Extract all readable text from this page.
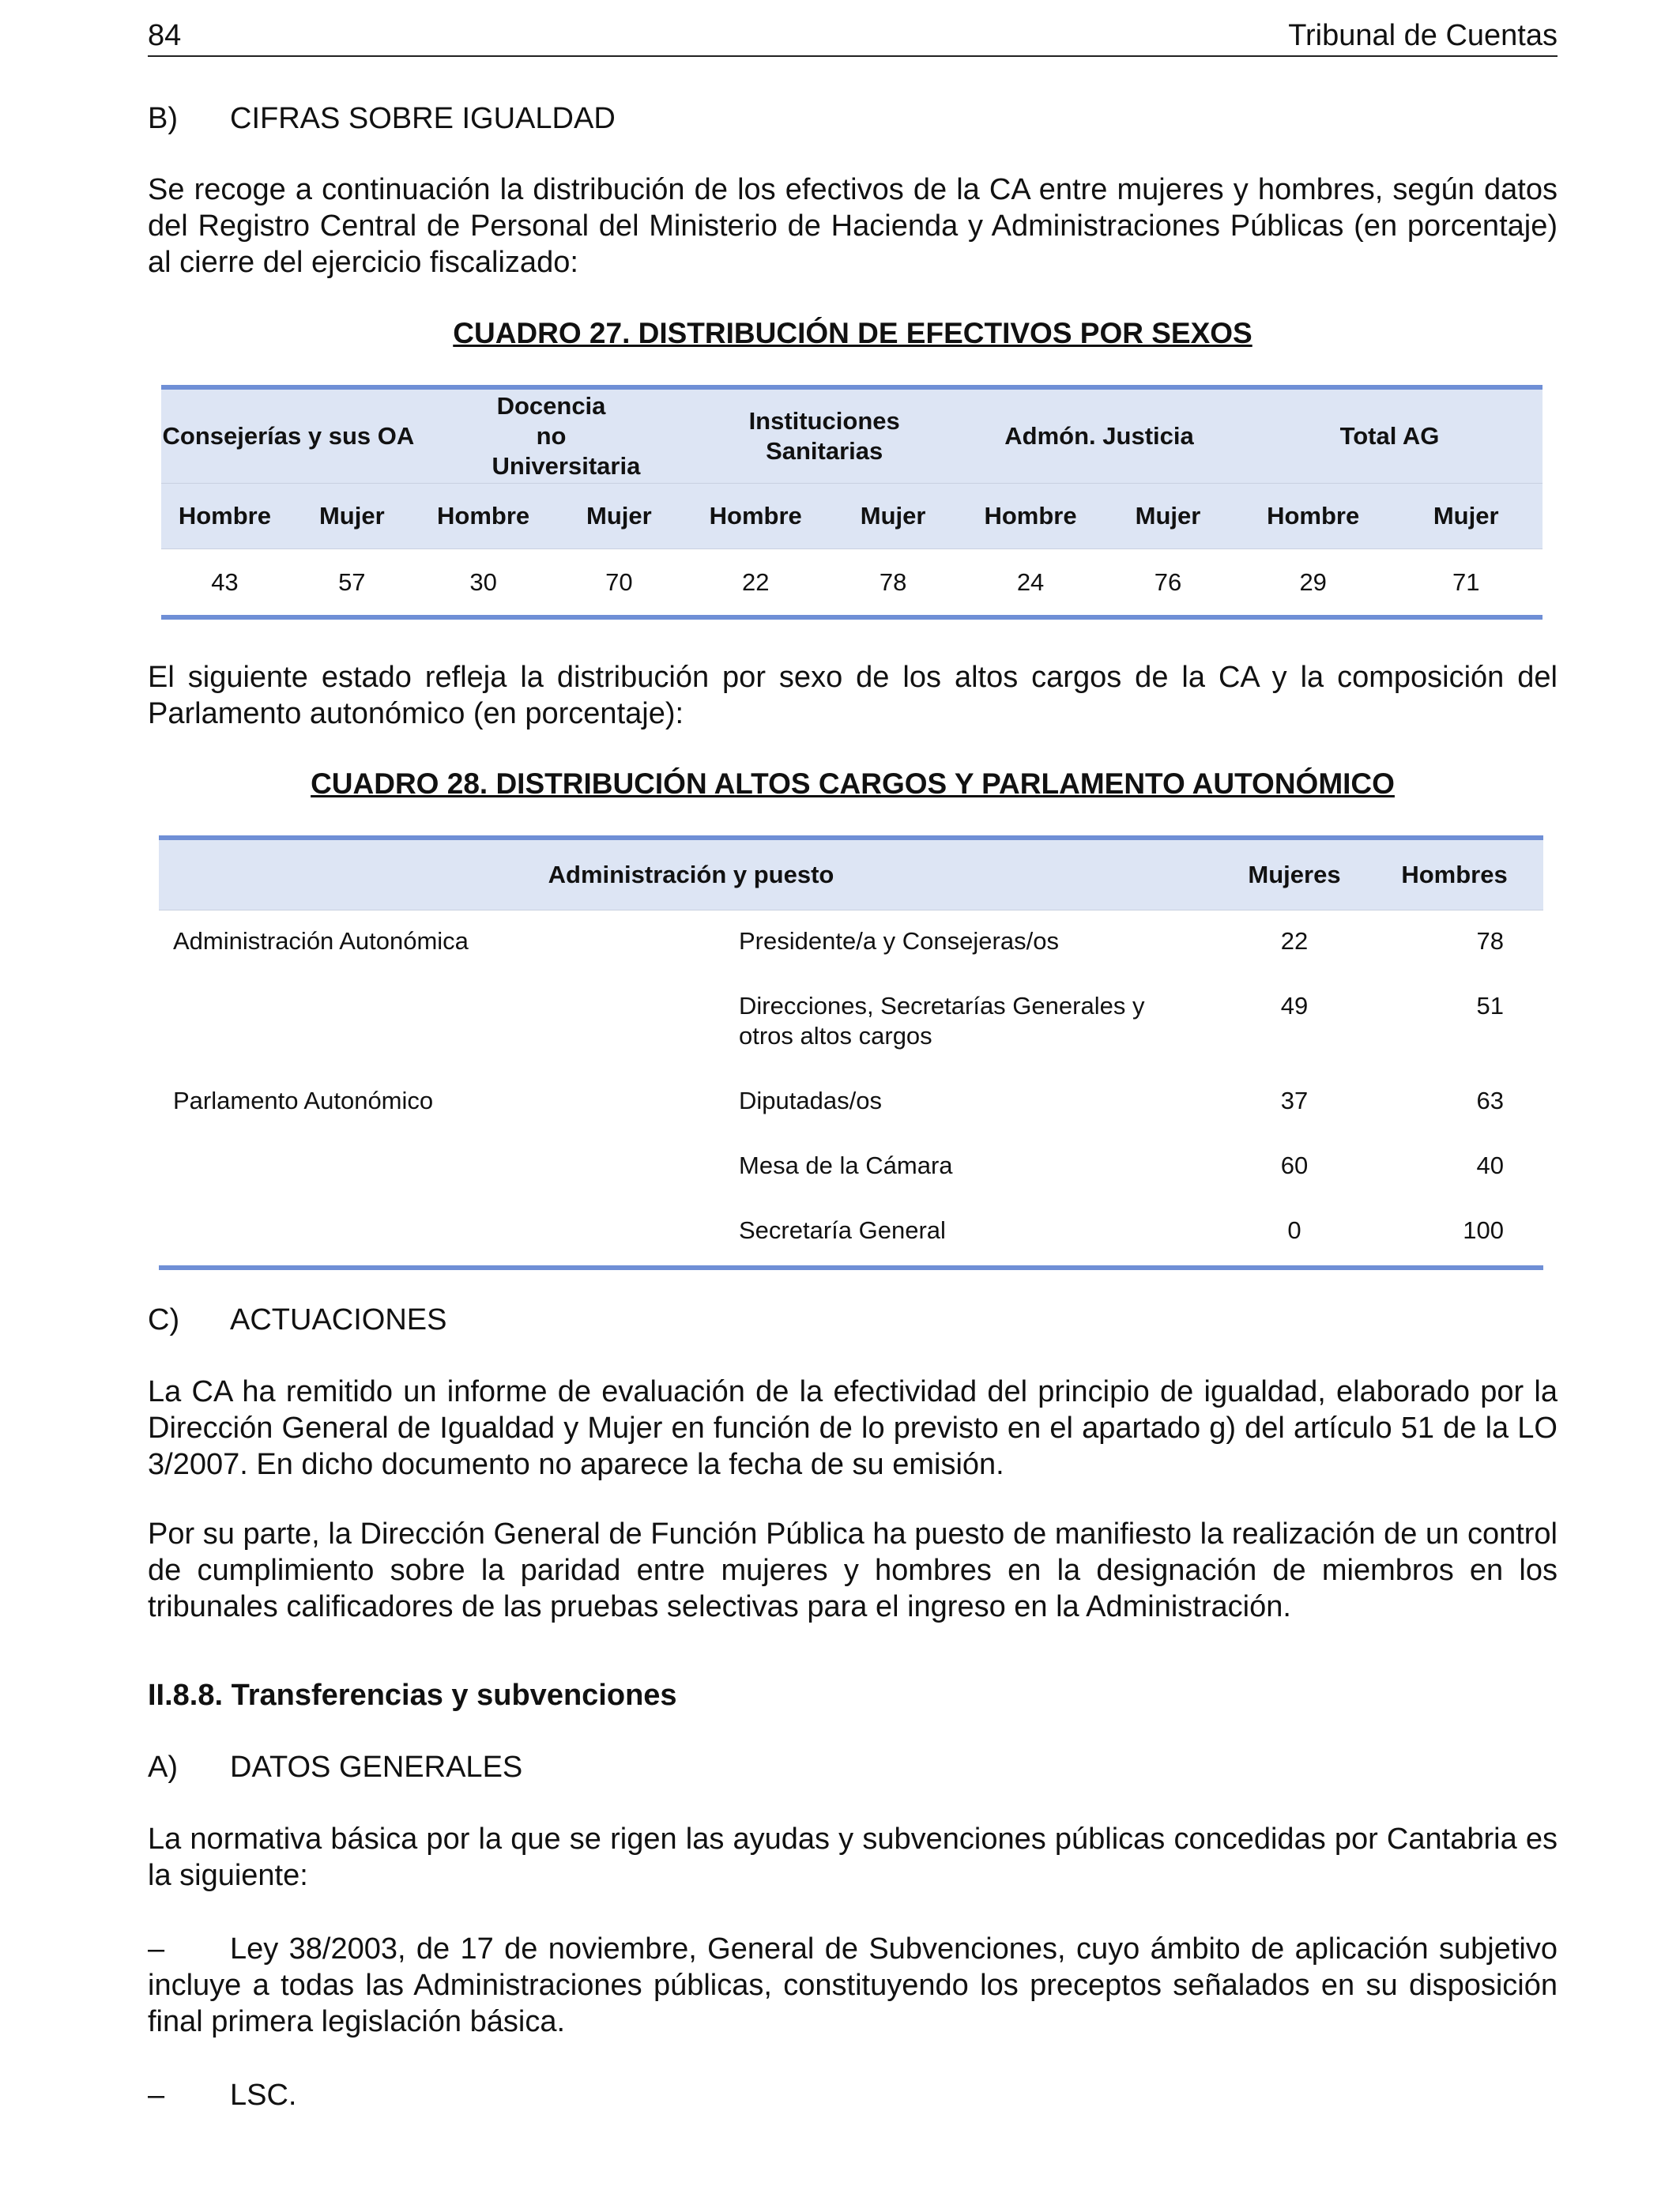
84	Tribunal de Cuentas
B) CIFRAS SOBRE IGUALDAD

Se recoge a continuación la distribución de los efectivos de la CA entre mujeres y hombres, según datos del Registro Central de Personal del Ministerio de Hacienda y Administraciones Públicas (en porcentaje) al cierre del ejercicio fiscalizado:

CUADRO 27. DISTRIBUCIÓN DE EFECTIVOS POR SEXOS
Consejerías y sus OA		Docencia no Universitaria		Instituciones Sanitarias		Admón. Justicia		Total AG	
Hombre	Mujer	Hombre	Mujer	Hombre	Mujer	Hombre	Mujer	Hombre	Mujer
43	57	30	70	22	78	24	76	29	71

El siguiente estado refleja la distribución por sexo de los altos cargos de la CA y la composición del Parlamento autonómico (en porcentaje):

CUADRO 28. DISTRIBUCIÓN ALTOS CARGOS Y PARLAMENTO AUTONÓMICO
Administración y puesto		Mujeres	Hombres
Administración Autonómica	Presidente/a y Consejeras/os	22	78
	Direcciones, Secretarías Generales y otros altos cargos	49	51
Parlamento Autonómico	Diputadas/os	37	63
	Mesa de la Cámara	60	40
	Secretaría General	0	100
C) ACTUACIONES

La CA ha remitido un informe de evaluación de la efectividad del principio de igualdad, elaborado por la Dirección General de Igualdad y Mujer en función de lo previsto en el apartado g) del artículo 51 de la LO 3/2007. En dicho documento no aparece la fecha de su emisión.

Por su parte, la Dirección General de Función Pública ha puesto de manifiesto la realización de un control de cumplimiento sobre la paridad entre mujeres y hombres en la designación de miembros en los tribunales calificadores de las pruebas selectivas para el ingreso en la Administración.

II.8.8. Transferencias y subvenciones
A) DATOS GENERALES

La normativa básica por la que se rigen las ayudas y subvenciones públicas concedidas por Cantabria es la siguiente:

– Ley 38/2003, de 17 de noviembre, General de Subvenciones, cuyo ámbito de aplicación subjetivo incluye a todas las Administraciones públicas, constituyendo los preceptos señalados en su disposición final primera legislación básica.

– LSC.
